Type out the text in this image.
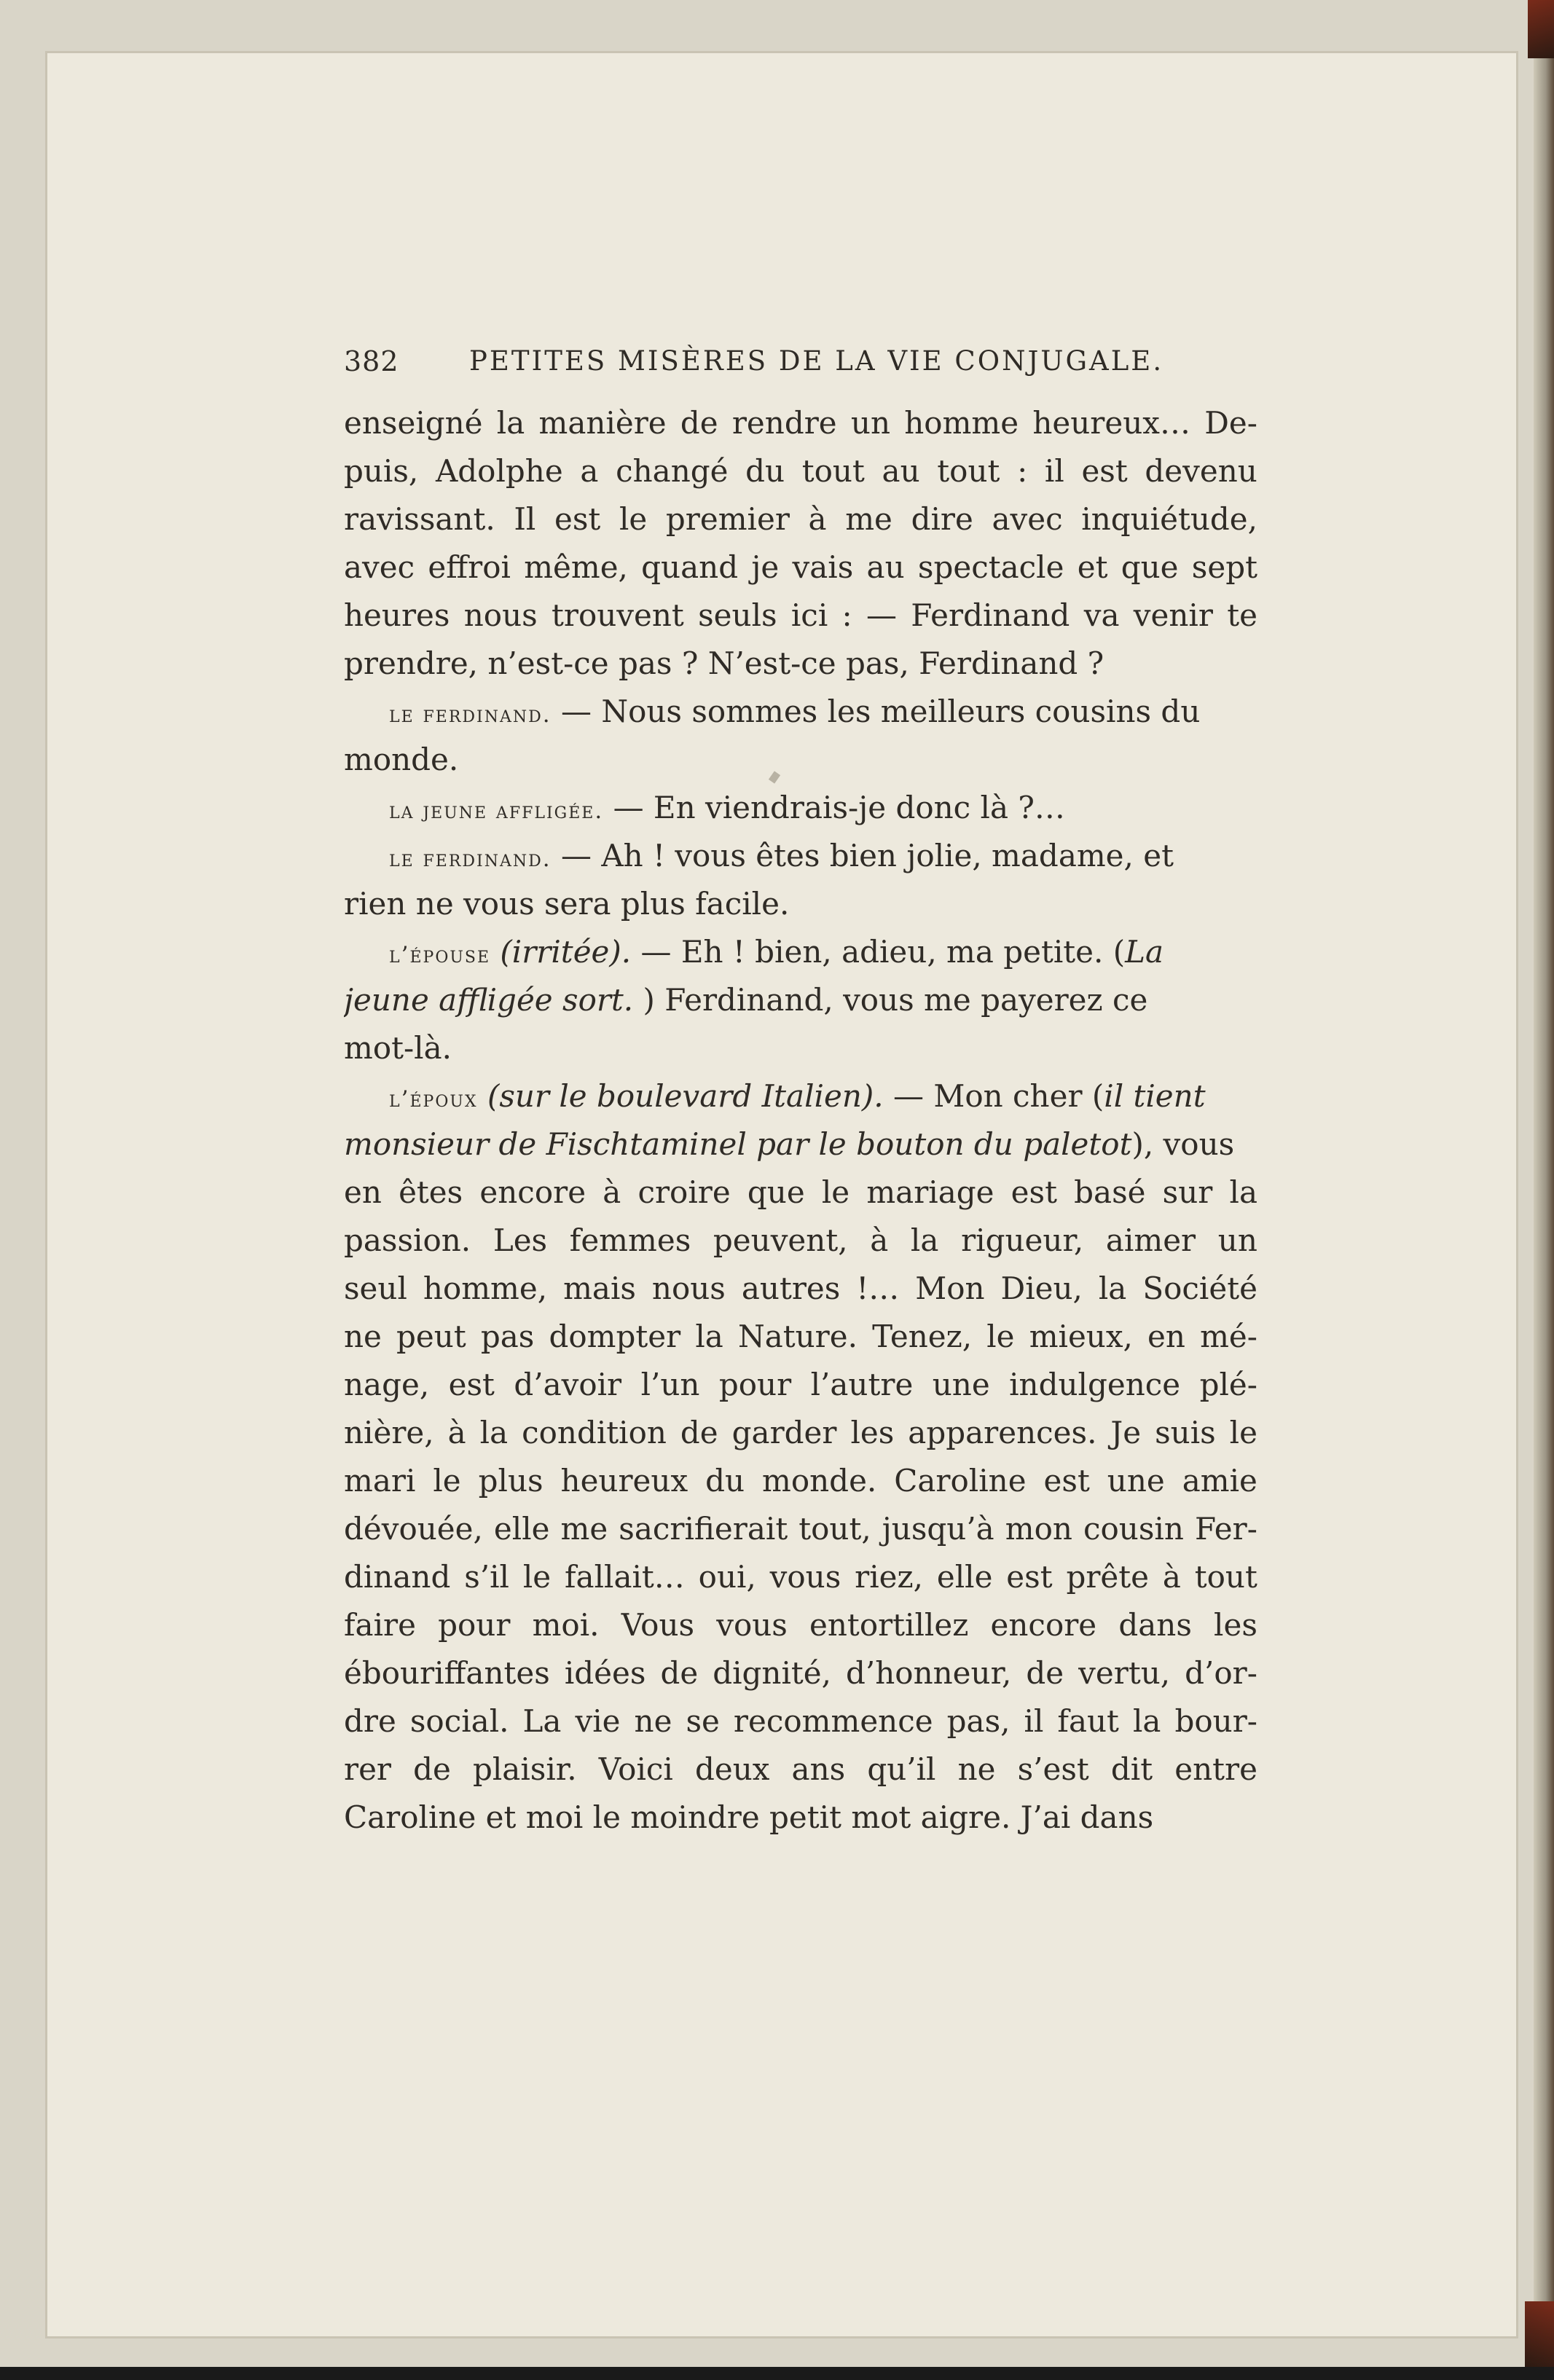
382	PETITES MISÈRES DE LA VIE CONJUGALE.
enseigné la manière de rendre un homme heureux… De-
puis, Adolphe a changé du tout au tout : il est devenu
ravissant. Il est le premier à me dire avec inquiétude,
avec effroi même, quand je vais au spectacle et que sept
heures nous trouvent seuls ici : — Ferdinand va venir te
prendre, n’est-ce pas ? N’est-ce pas, Ferdinand ?
le ferdinand. — Nous sommes les meilleurs cousins du
monde.
la jeune affligée. — En viendrais-je donc là ?…
le ferdinand. — Ah ! vous êtes bien jolie, madame, et
rien ne vous sera plus facile.
l’épouse (irritée). — Eh ! bien, adieu, ma petite. (La
jeune affligée sort. ) Ferdinand, vous me payerez ce
mot-là.
l’époux (sur le boulevard Italien). — Mon cher (il tient
monsieur de Fischtaminel par le bouton du paletot), vous
en êtes encore à croire que le mariage est basé sur la
passion. Les femmes peuvent, à la rigueur, aimer un
seul homme, mais nous autres !… Mon Dieu, la Société
ne peut pas dompter la Nature. Tenez, le mieux, en mé-
nage, est d’avoir l’un pour l’autre une indulgence plé-
nière, à la condition de garder les apparences. Je suis le
mari le plus heureux du monde. Caroline est une amie
dévouée, elle me sacrifierait tout, jusqu’à mon cousin Fer-
dinand s’il le fallait… oui, vous riez, elle est prête à tout
faire pour moi. Vous vous entortillez encore dans les
ébouriffantes idées de dignité, d’honneur, de vertu, d’or-
dre social. La vie ne se recommence pas, il faut la bour-
rer de plaisir. Voici deux ans qu’il ne s’est dit entre
Caroline et moi le moindre petit mot aigre. J’ai dans
